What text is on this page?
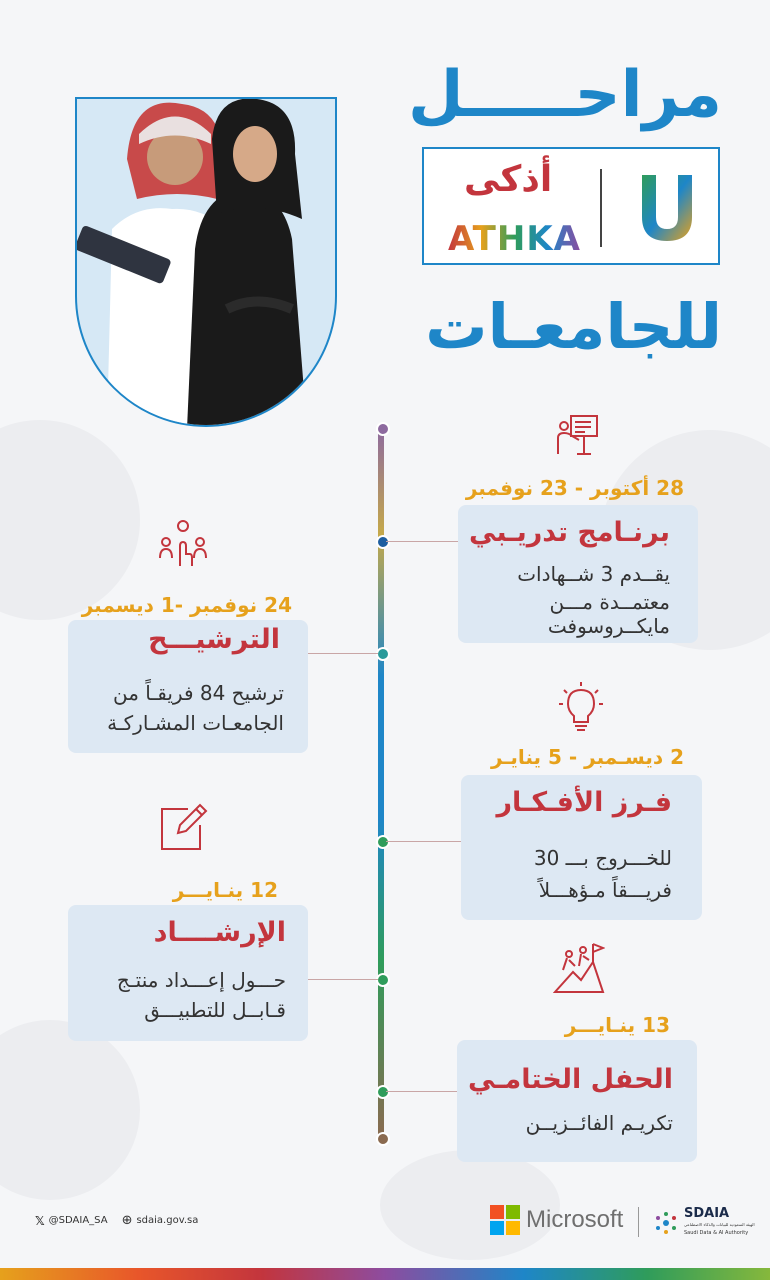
مراحـــــل
أذكى
ATHKA
للجامعـات
28 أكتوبر - 23 نوفمبر
برنـامج تدريـبي
يقــدم 3 شــهادات
معتمــدة مـــن
مايكــروسوفت
24 نوفمبر -1 ديسمبر
الترشيـــح
ترشيح 84 فريقـاً من
الجامعـات المشـاركـة
2 ديسـمبر - 5 ينايـر
فـرز الأفـكـار
للخـــروج بـــ 30
فريـــقاً مـؤهـــلاً
12 ينـايـــر
الإرشــــاد
حـــول إعـــداد منتـج
قـابــل للتطبيـــق
13 ينـايـــر
الحفل الختامـي
تكريـم الفائــزيــن
𝕏 @SDAIA_SA ⊕ sdaia.gov.sa	Microsoft	SDAIA
الهيئة السعودية للبيانات والذكاء الاصطناعي
Saudi Data & AI Authority
